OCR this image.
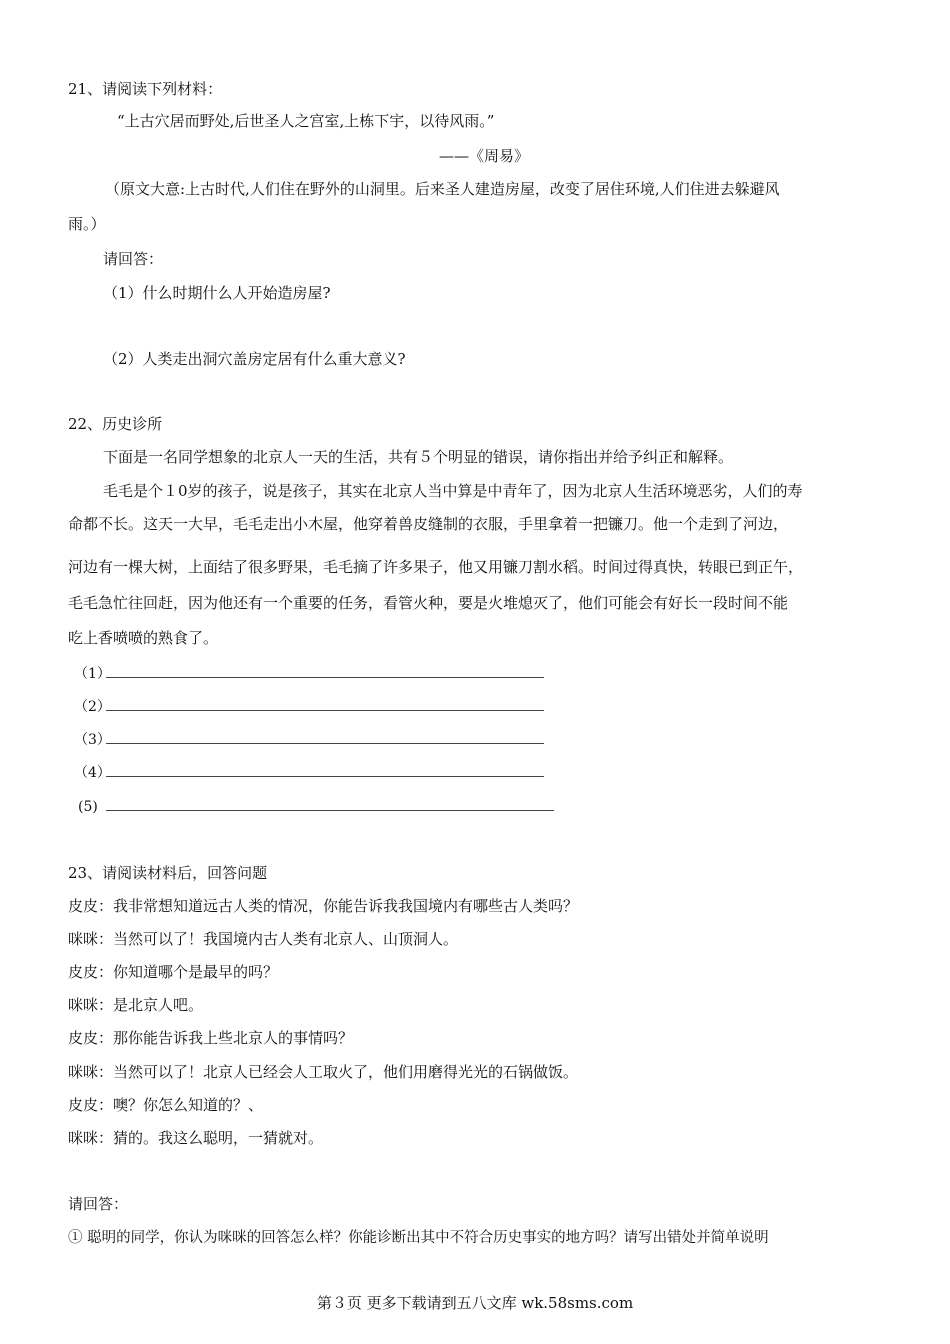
21、请阅读下列材料：
“上古穴居而野处,后世圣人之宫室,上栋下宇，以待风雨。”
——《周易》
（原文大意:上古时代,人们住在野外的山洞里。后来圣人建造房屋，改变了居住环境,人们住进去躲避风
雨。）
请回答：
（1）什么时期什么人开始造房屋?
（2）人类走出洞穴盖房定居有什么重大意义?
22、历史诊所
下面是一名同学想象的北京人一天的生活，共有５个明显的错误，请你指出并给予纠正和解释。
毛毛是个１0岁的孩子，说是孩子，其实在北京人当中算是中青年了，因为北京人生活环境恶劣，人们的寿
命都不长。这天一大早，毛毛走出小木屋，他穿着兽皮缝制的衣服，手里拿着一把镰刀。他一个走到了河边，
河边有一棵大树，上面结了很多野果，毛毛摘了许多果子，他又用镰刀割水稻。时间过得真快，转眼已到正午，
毛毛急忙往回赶，因为他还有一个重要的任务，看管火种，要是火堆熄灭了，他们可能会有好长一段时间不能
吃上香喷喷的熟食了。
（1）
（2）
（3）
（4）
(5)
23、请阅读材料后，回答问题
皮皮：我非常想知道远古人类的情况，你能告诉我我国境内有哪些古人类吗？
咪咪：当然可以了！我国境内古人类有北京人、山顶洞人。
皮皮：你知道哪个是最早的吗？
咪咪：是北京人吧。
皮皮：那你能告诉我上些北京人的事情吗？
咪咪：当然可以了！北京人已经会人工取火了，他们用磨得光光的石锅做饭。
皮皮：噢？你怎么知道的？、
咪咪：猜的。我这么聪明，一猜就对。
请回答：
① 聪明的同学，你认为咪咪的回答怎么样？你能诊断出其中不符合历史事实的地方吗？请写出错处并简单说明
第３页 更多下载请到五八文库 wk.58sms.com
